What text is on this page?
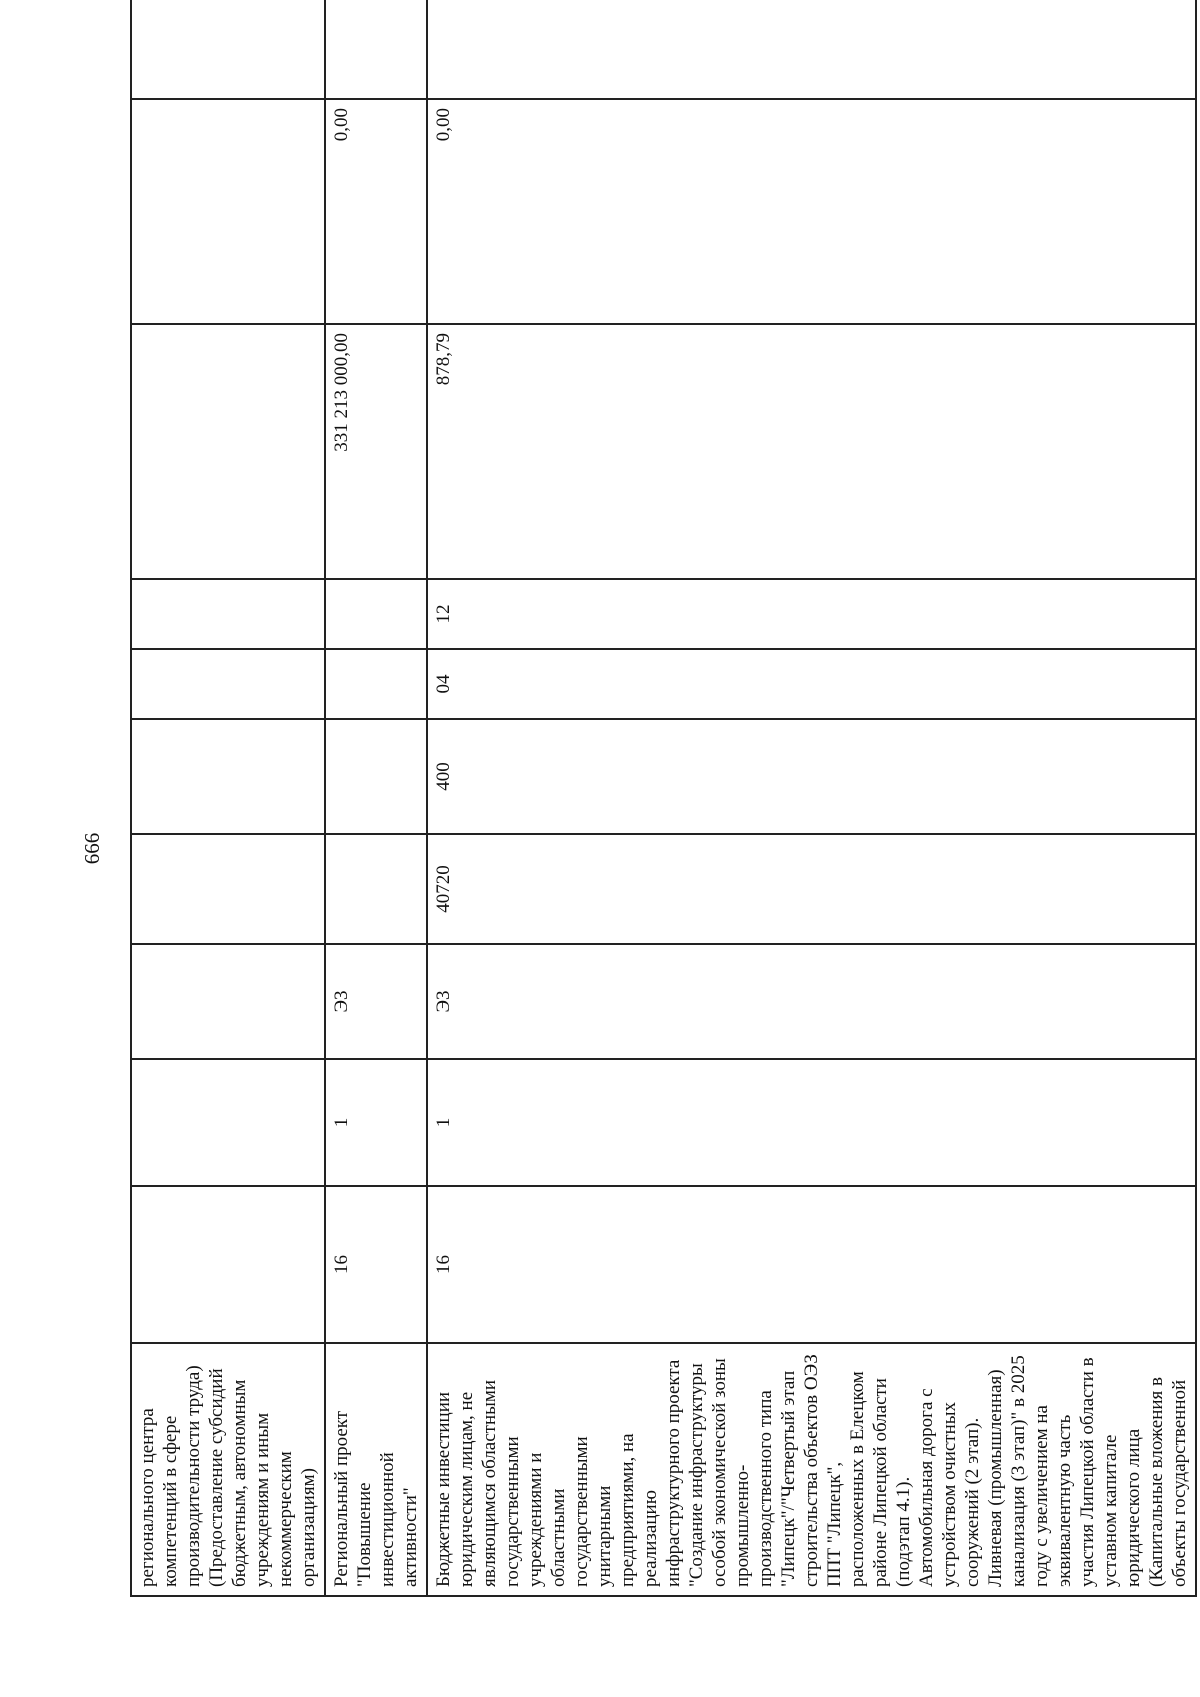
666
регионального центра компетенций в сфере производительности труда) (Предоставление субсидий бюджетным, автономным учреждениям и иным некоммерческим организациям)										
Региональный проект "Повышение инвестиционной активности"	16	1	Э3					331 213 000,00	0,00	
Бюджетные инвестиции юридическим лицам, не являющимся областными государственными учреждениями и областными государственными унитарными предприятиями, на реализацию инфраструктурного проекта "Создание инфраструктуры особой экономической зоны промышленно-производственного типа "Липецк"/"Четвертый этап строительства объектов ОЭЗ ППТ "Липецк", расположенных в Елецком районе Липецкой области (подэтап 4.1). Автомобильная дорога с устройством очистных сооружений (2 этап). Ливневая (промышленная) канализация (3 этап)" в 2025 году с увеличением на эквивалентную часть участия Липецкой области в уставном капитале юридического лица (Капитальные вложения в объекты государственной	16	1	Э3	40720	400	04	12	878,79	0,00	
